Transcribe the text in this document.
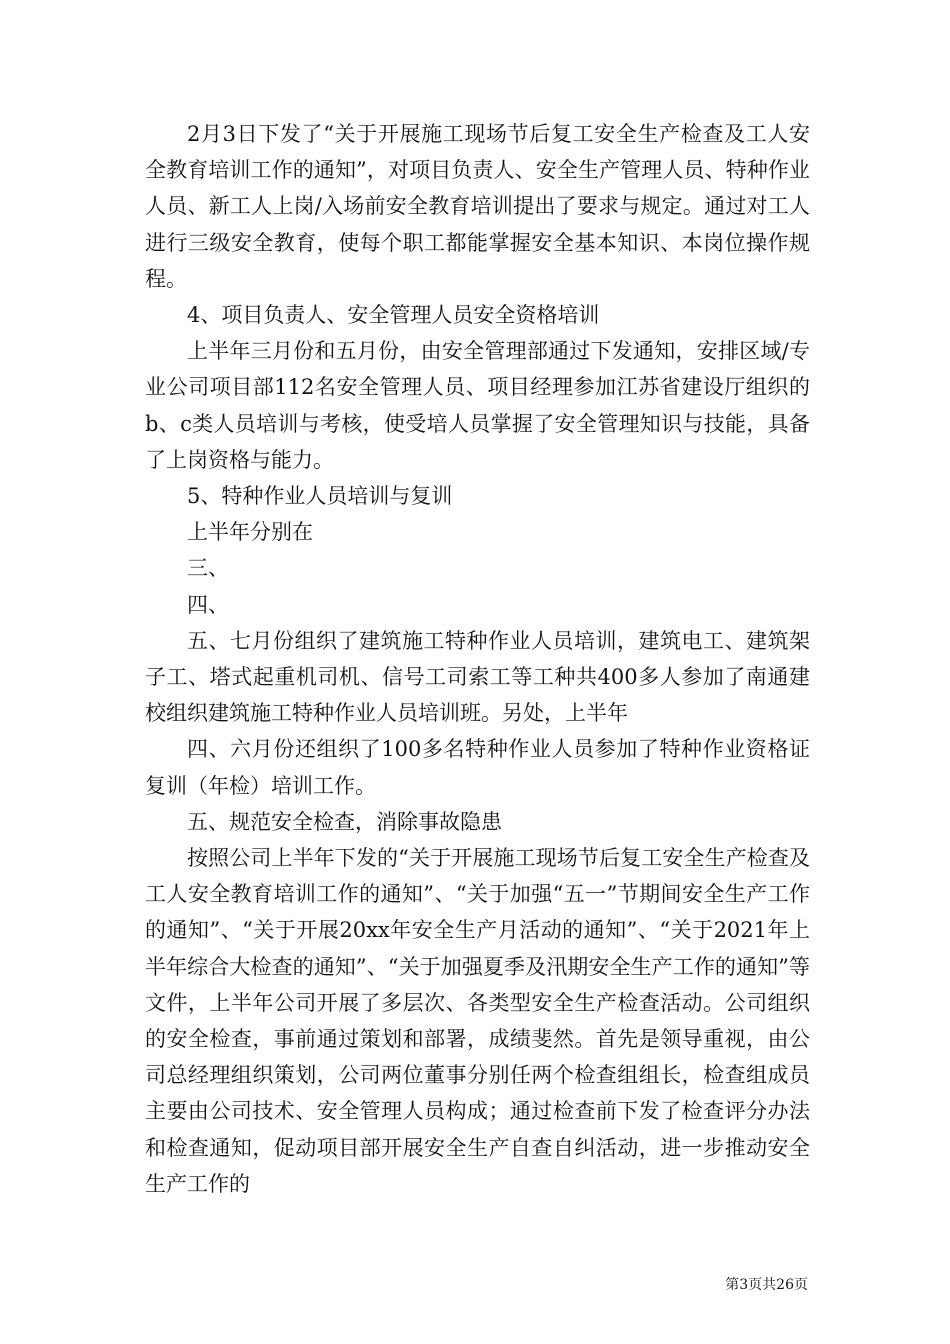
2月3日下发了“关于开展施工现场节后复工安全生产检查及工人安全教育培训工作的通知”，对项目负责人、安全生产管理人员、特种作业人员、新工人上岗/入场前安全教育培训提出了要求与规定。通过对工人进行三级安全教育，使每个职工都能掌握安全基本知识、本岗位操作规程。

4、项目负责人、安全管理人员安全资格培训

上半年三月份和五月份，由安全管理部通过下发通知，安排区域/专业公司项目部112名安全管理人员、项目经理参加江苏省建设厅组织的b、c类人员培训与考核，使受培人员掌握了安全管理知识与技能，具备了上岗资格与能力。

5、特种作业人员培训与复训

上半年分别在

三、

四、

五、七月份组织了建筑施工特种作业人员培训，建筑电工、建筑架子工、塔式起重机司机、信号工司索工等工种共400多人参加了南通建校组织建筑施工特种作业人员培训班。另处，上半年

四、六月份还组织了100多名特种作业人员参加了特种作业资格证复训（年检）培训工作。

五、规范安全检查，消除事故隐患

按照公司上半年下发的“关于开展施工现场节后复工安全生产检查及工人安全教育培训工作的通知”、“关于加强“五一”节期间安全生产工作的通知”、“关于开展20xx年安全生产月活动的通知”、“关于2021年上半年综合大检查的通知”、“关于加强夏季及汛期安全生产工作的通知”等文件，上半年公司开展了多层次、各类型安全生产检查活动。公司组织的安全检查，事前通过策划和部署，成绩斐然。首先是领导重视，由公司总经理组织策划，公司两位董事分别任两个检查组组长，检查组成员主要由公司技术、安全管理人员构成；通过检查前下发了检查评分办法和检查通知，促动项目部开展安全生产自查自纠活动，进一步推动安全生产工作的

第3页共26页
